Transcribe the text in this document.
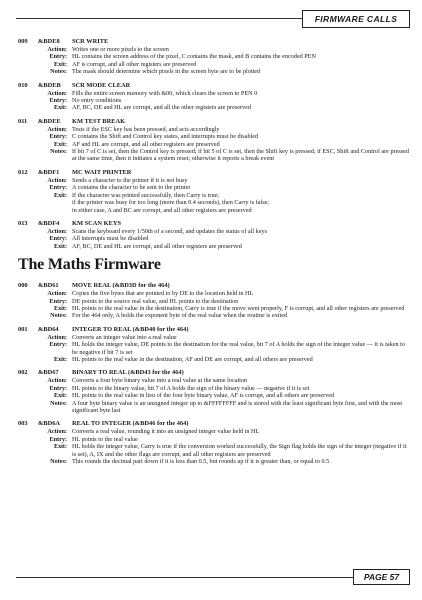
FIRMWARE CALLS
009	&BDE8	SCR WRITE
Action: Writes one or more pixels to the screen
Entry: HL contains the screen address of the pixel, C contains the mask, and B contains the encoded PEN
Exit: AF is corrupt, and all other registers are preserved
Notes: The mask should determine which pixels in the screen byte are to be plotted
010	&BDEB	SCR MODE CLEAR
Action: Fills the entire screen memory with &00, which clears the screen to PEN 0
Entry: No entry conditions
Exit: AF, BC, DE and HL are corrupt, and all the other registers are preserved
011	&BDEE	KM TEST BREAK
Action: Tests if the ESC key has been pressed, and acts accordingly
Entry: C contains the Shift and Control key states, and interrupts must be disabled
Exit: AF and HL are corrupt, and all other registers are preserved
Notes: If bit 7 of C is set, then the Control key is pressed; if bit 5 of C is set, then the Shift key is pressed; if ESC, Shift and Control are pressed at the same time, then it initiates a system reset; otherwise it reports a break event
012	&BDF1	MC WAIT PRINTER
Action: Sends a character to the printer if it is not busy
Entry: A contains the character to be sent to the printer
Exit: If the character was printed successfully, then Carry is true;
if the printer was busy for too long (more than 0.4 seconds), then Carry is false;
in either case, A and BC are corrupt, and all other registers are preserved
013	&BDF4	KM SCAN KEYS
Action: Scans the keyboard every 1/50th of a second, and updates the status of all keys
Entry: All interrupts must be disabled
Exit: AF, BC, DE and HL are corrupt, and all other registers are preserved
The Maths Firmware
000	&BD61	MOVE REAL (&BD3D for the 464)
Action: Copies the five bytes that are pointed to by DE to the location held in HL
Entry: DE points to the source real value, and HL points to the destination
Exit: HL points to the real value in the destination, Carry is true if the move went properly, F is corrupt, and all other registers are preserved
Notes: For the 464 only, A holds the exponent byte of the real value when the routine is exited
001	&BD64	INTEGER TO REAL (&BD40 for the 464)
Action: Converts an integer value into a real value
Entry: HL holds the integer value, DE points to the destination for the real value, bit 7 of A holds the sign of the integer value — it is taken to be negative if bit 7 is set
Exit: HL points to the real value in the destination, AF and DE are corrupt, and all others are preserved
002	&BD67	BINARY TO REAL (&BD43 for the 464)
Action: Converts a four byte binary value into a real value at the same location
Entry: HL points to the binary value, bit 7 of A holds the sign of the binary value — negative if it is set
Exit: HL points to the real value in lieu of the four byte binary value, AF is corrupt, and all others are preserved
Notes: A four byte binary value is an unsigned integer up to &FFFFFFFF and is stored with the least significant byte first, and with the most significant byte last
003	&BD6A	REAL TO INTEGER (&BD46 for the 464)
Action: Converts a real value, rounding it into an unsigned integer value held in HL
Entry: HL points to the real value
Exit: HL holds the integer value, Carry is true if the conversion worked successfully, the Sign flag holds the sign of the integer (negative if it is set), A, IX and the other flags are corrupt, and all other registers are preserved
Notes: This rounds the decimal part down if it is less than 0.5, but rounds up if it is greater than, or equal to 0.5
PAGE 57
